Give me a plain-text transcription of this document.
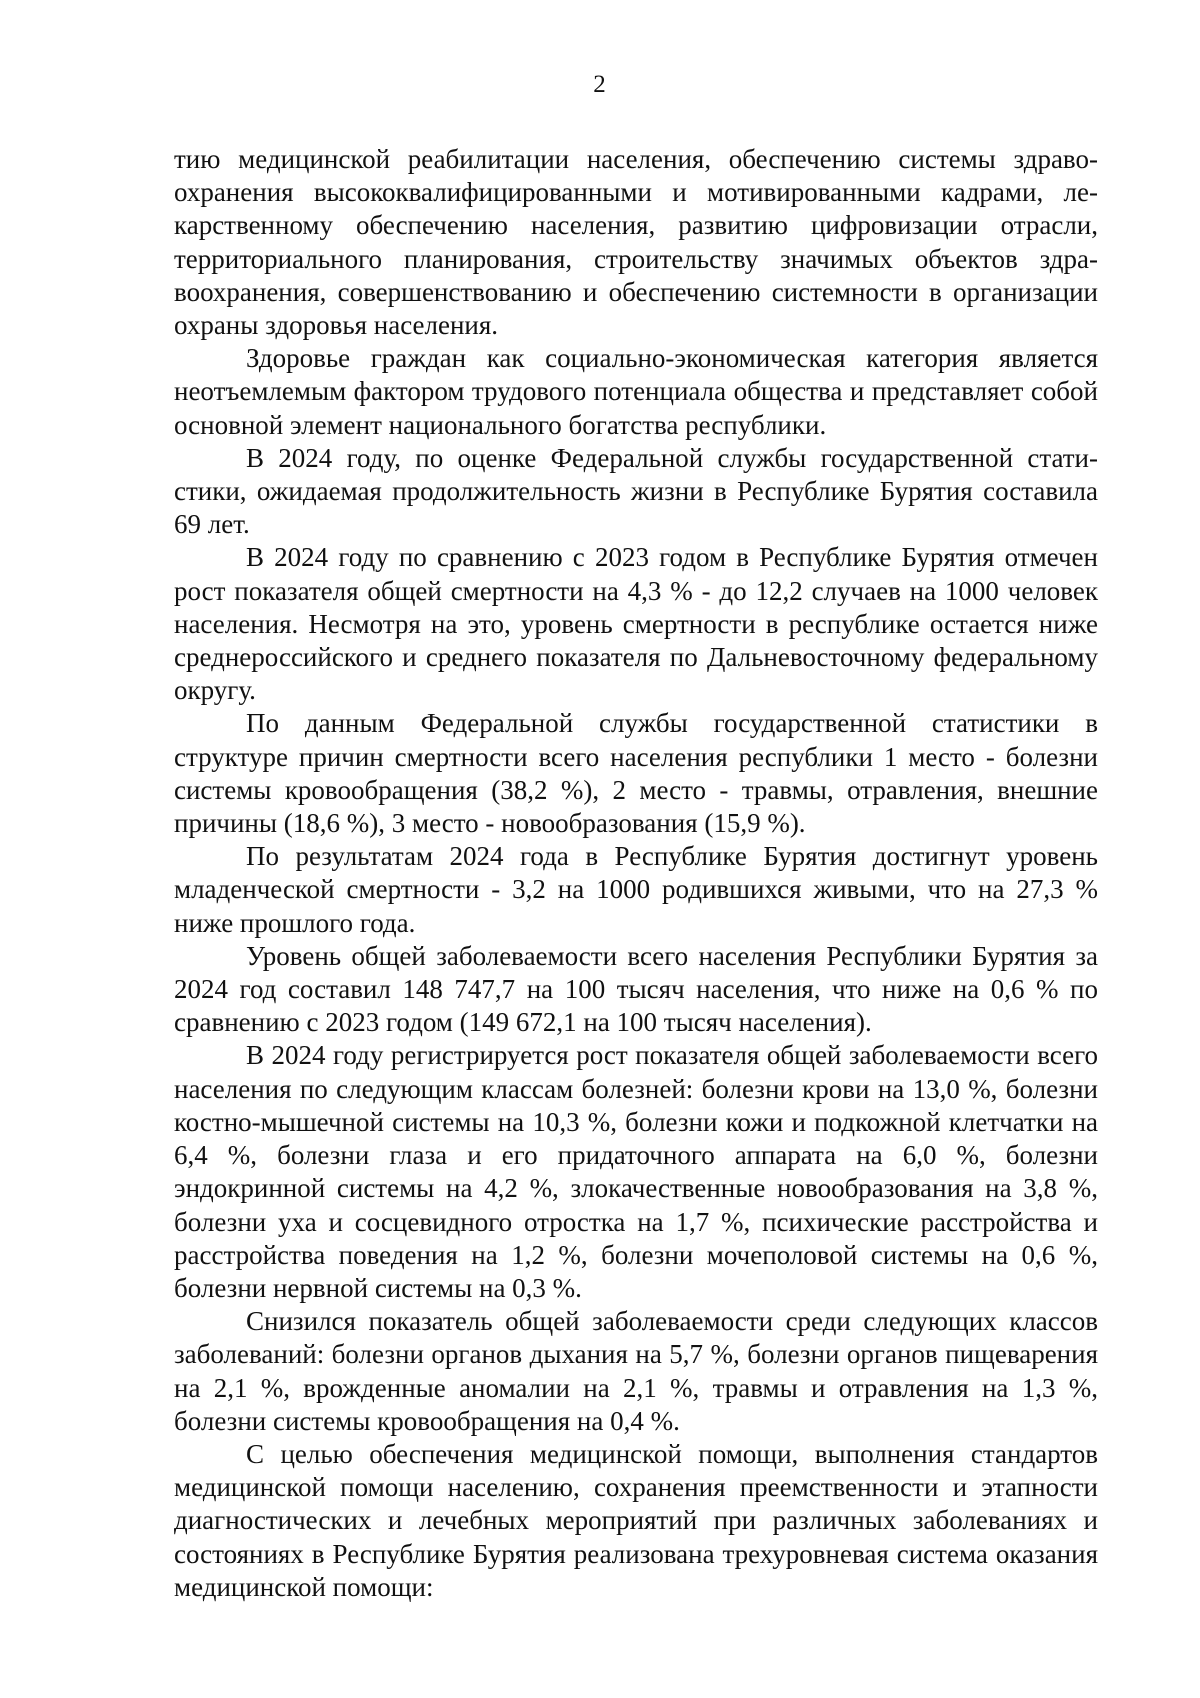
2

тию медицинской реабилитации населения, обеспечению системы здравоохранения высококвалифицированными и мотивированными кадрами, лекарственному обеспечению населения, развитию цифровизации отрасли, территориального планирования, строительству значимых объектов здравоохранения, совершенствованию и обеспечению системности в организации охраны здоровья населения.

Здоровье граждан как социально-экономическая категория является неотъемлемым фактором трудового потенциала общества и представляет собой основной элемент национального богатства республики.

В 2024 году, по оценке Федеральной службы государственной статистики, ожидаемая продолжительность жизни в Республике Бурятия составила 69 лет.

В 2024 году по сравнению с 2023 годом в Республике Бурятия отмечен рост показателя общей смертности на 4,3 % - до 12,2 случаев на 1000 человек населения. Несмотря на это, уровень смертности в республике остается ниже среднероссийского и среднего показателя по Дальневосточному федеральному округу.

По данным Федеральной службы государственной статистики в структуре причин смертности всего населения республики 1 место - болезни системы кровообращения (38,2 %), 2 место - травмы, отравления, внешние причины (18,6 %), 3 место - новообразования (15,9 %).

По результатам 2024 года в Республике Бурятия достигнут уровень младенческой смертности - 3,2 на 1000 родившихся живыми, что на 27,3 % ниже прошлого года.

Уровень общей заболеваемости всего населения Республики Бурятия за 2024 год составил 148 747,7 на 100 тысяч населения, что ниже на 0,6 % по сравнению с 2023 годом (149 672,1 на 100 тысяч населения).

В 2024 году регистрируется рост показателя общей заболеваемости всего населения по следующим классам болезней: болезни крови на 13,0 %, болезни костно-мышечной системы на 10,3 %, болезни кожи и подкожной клетчатки на 6,4 %, болезни глаза и его придаточного аппарата на 6,0 %, болезни эндокринной системы на 4,2 %, злокачественные новообразования на 3,8 %, болезни уха и сосцевидного отростка на 1,7 %, психические расстройства и расстройства поведения на 1,2 %, болезни мочеполовой системы на 0,6 %, болезни нервной системы на 0,3 %.

Снизился показатель общей заболеваемости среди следующих классов заболеваний: болезни органов дыхания на 5,7 %, болезни органов пищеварения на 2,1 %, врожденные аномалии на 2,1 %, травмы и отравления на 1,3 %, болезни системы кровообращения на 0,4 %.

С целью обеспечения медицинской помощи, выполнения стандартов медицинской помощи населению, сохранения преемственности и этапности диагностических и лечебных мероприятий при различных заболеваниях и состояниях в Республике Бурятия реализована трехуровневая система оказания медицинской помощи:
